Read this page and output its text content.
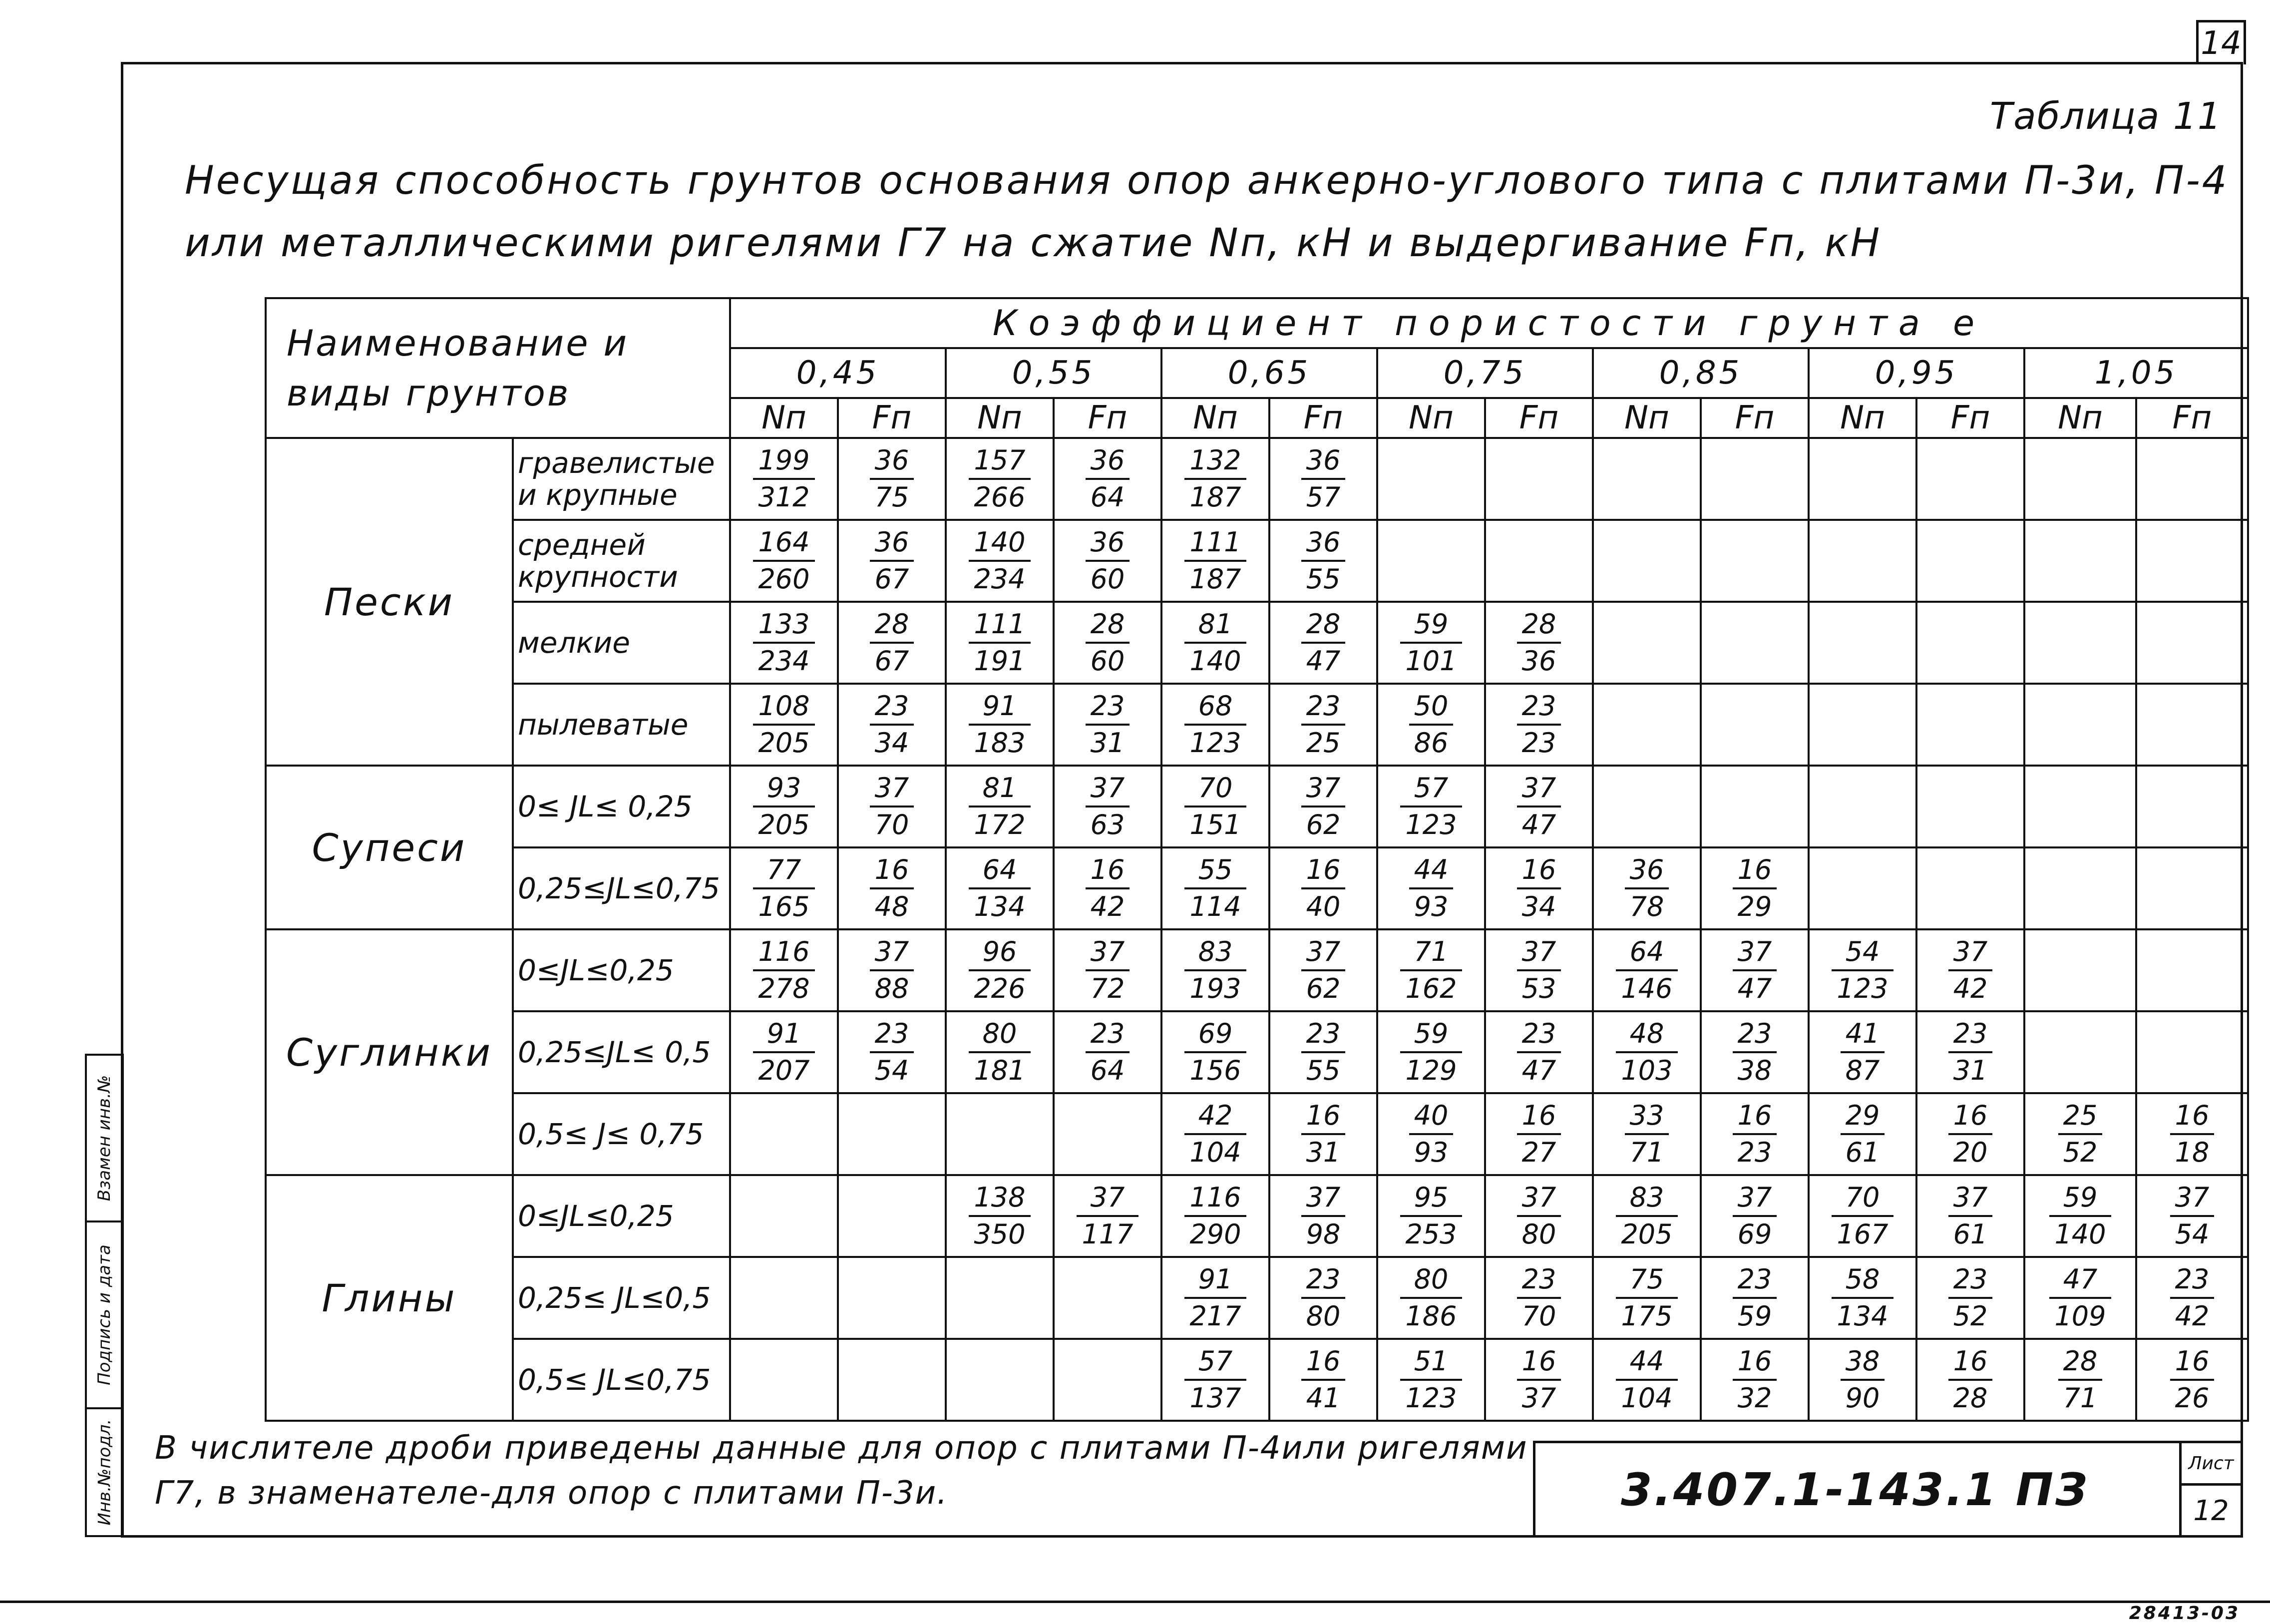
14
Таблица 11
Несущая способность грунтов основания опор анкерно-углового типа с плитами П-3и, П-4 или металлическими ригелями Г7 на сжатие Nп, кН и выдергивание Fп, кН
Наименование и виды грунтов		Коэффициент пористости грунта e													
		0,45		0,55		0,65		0,75		0,85		0,95		1,05	
		Nп	Fп	Nп	Fп	Nп	Fп	Nп	Fп	Nп	Fп	Nп	Fп	Nп	Fп
Пески	гравелистые и крупные	$\frac{199}{312}$	$\frac{36}{75}$	$\frac{157}{266}$	$\frac{36}{64}$	$\frac{132}{187}$	$\frac{36}{57}$

	средней крупности	$\frac{164}{260}$	$\frac{36}{67}$	$\frac{140}{234}$	$\frac{36}{60}$	$\frac{111}{187}$	$\frac{36}{55}$

	мелкие	$\frac{133}{234}$	$\frac{28}{67}$	$\frac{111}{191}$	$\frac{28}{60}$	$\frac{81}{140}$	$\frac{28}{47}$	$\frac{59}{101}$	$\frac{28}{36}$

	пылеватые	$\frac{108}{205}$	$\frac{23}{34}$	$\frac{91}{183}$	$\frac{23}{31}$	$\frac{68}{123}$	$\frac{23}{25}$	$\frac{50}{86}$	$\frac{23}{23}$

Супеси	0≤ JL≤ 0,25	$\frac{93}{205}$	$\frac{37}{70}$	$\frac{81}{172}$	$\frac{37}{63}$	$\frac{70}{151}$	$\frac{37}{62}$	$\frac{57}{123}$	$\frac{37}{47}$

	0,25≤JL≤0,75	$\frac{77}{165}$	$\frac{16}{48}$	$\frac{64}{134}$	$\frac{16}{42}$	$\frac{55}{114}$	$\frac{16}{40}$	$\frac{44}{93}$	$\frac{16}{34}$	$\frac{36}{78}$	$\frac{16}{29}$

Суглинки	0≤JL≤0,25	$\frac{116}{278}$	$\frac{37}{88}$	$\frac{96}{226}$	$\frac{37}{72}$	$\frac{83}{193}$	$\frac{37}{62}$	$\frac{71}{162}$	$\frac{37}{53}$	$\frac{64}{146}$	$\frac{37}{47}$	$\frac{54}{123}$	$\frac{37}{42}$

	0,25≤JL≤ 0,5	$\frac{91}{207}$	$\frac{23}{54}$	$\frac{80}{181}$	$\frac{23}{64}$	$\frac{69}{156}$	$\frac{23}{55}$	$\frac{59}{129}$	$\frac{23}{47}$	$\frac{48}{103}$	$\frac{23}{38}$	$\frac{41}{87}$	$\frac{23}{31}$

	0,5≤ J≤ 0,75					$\frac{42}{104}$	$\frac{16}{31}$	$\frac{40}{93}$	$\frac{16}{27}$	$\frac{33}{71}$	$\frac{16}{23}$	$\frac{29}{61}$	$\frac{16}{20}$	$\frac{25}{52}$	$\frac{16}{18}$

Глины	0≤JL≤0,25			$\frac{138}{350}$	$\frac{37}{117}$	$\frac{116}{290}$	$\frac{37}{98}$	$\frac{95}{253}$	$\frac{37}{80}$	$\frac{83}{205}$	$\frac{37}{69}$	$\frac{70}{167}$	$\frac{37}{61}$	$\frac{59}{140}$	$\frac{37}{54}$

	0,25≤ JL≤0,5					$\frac{91}{217}$	$\frac{23}{80}$	$\frac{80}{186}$	$\frac{23}{70}$	$\frac{75}{175}$	$\frac{23}{59}$	$\frac{58}{134}$	$\frac{23}{52}$	$\frac{47}{109}$	$\frac{23}{42}$

	0,5≤ JL≤0,75					$\frac{57}{137}$	$\frac{16}{41}$	$\frac{51}{123}$	$\frac{16}{37}$	$\frac{44}{104}$	$\frac{16}{32}$	$\frac{38}{90}$	$\frac{16}{28}$	$\frac{28}{71}$	$\frac{16}{26}$
В числителе дроби приведены данные для опор с плитами П-4или ригелями
Г7, в знаменателе-для опор с плитами П-3и.	3.407.1-143.1 ПЗ
Лист
12
Взамен инв.№
Подпись и дата
Инв.№подл.
28413-03
